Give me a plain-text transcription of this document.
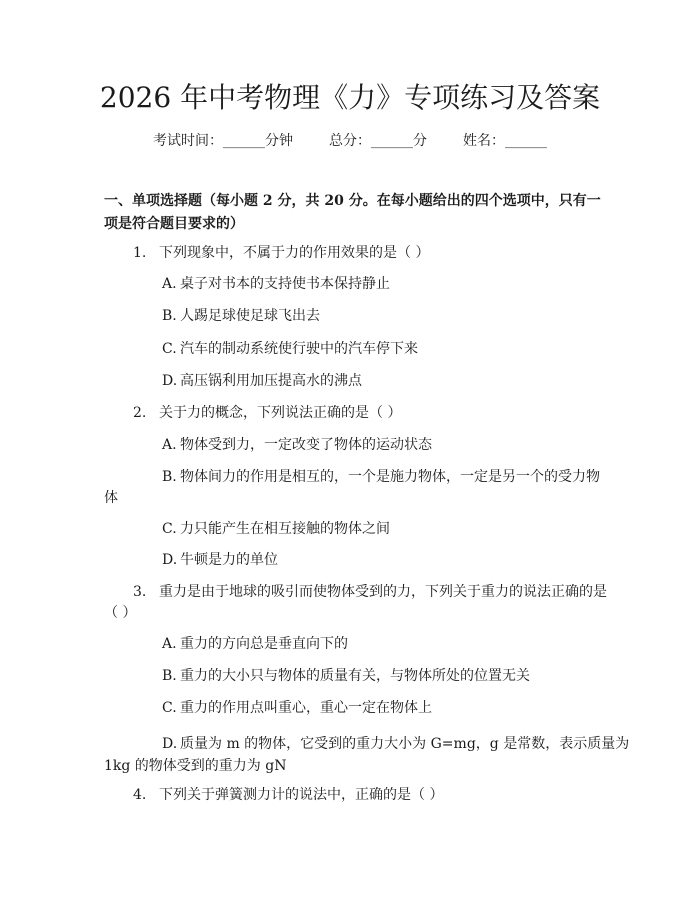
2026 年中考物理《力》专项练习及答案
考试时间：______分钟	总分：______分	姓名：______
一、单项选择题（每小题 2 分，共 20 分。在每小题给出的四个选项中，只有一项是符合题目要求的）
1. 下列现象中，不属于力的作用效果的是（ ）
A. 桌子对书本的支持使书本保持静止
B. 人踢足球使足球飞出去
C. 汽车的制动系统使行驶中的汽车停下来
D. 高压锅利用加压提高水的沸点
2. 关于力的概念，下列说法正确的是（ ）
A. 物体受到力，一定改变了物体的运动状态
B. 物体间力的作用是相互的，一个是施力物体，一定是另一个的受力物
体
C. 力只能产生在相互接触的物体之间
D. 牛顿是力的单位
3. 重力是由于地球的吸引而使物体受到的力，下列关于重力的说法正确的是
（ ）
A. 重力的方向总是垂直向下的
B. 重力的大小只与物体的质量有关，与物体所处的位置无关
C. 重力的作用点叫重心，重心一定在物体上
D. 质量为 m 的物体，它受到的重力大小为 G=mg，g 是常数，表示质量为
1kg 的物体受到的重力为 gN
4. 下列关于弹簧测力计的说法中，正确的是（ ）
